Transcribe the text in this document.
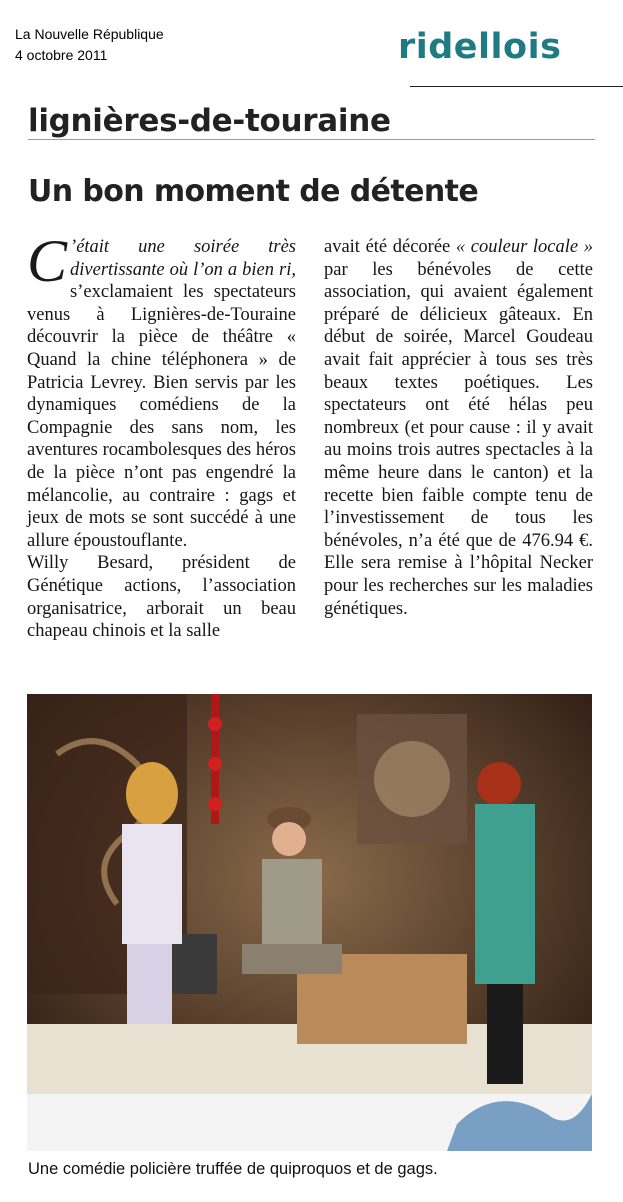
La Nouvelle République
4 octobre 2011	ridellois
lignières-de-touraine
Un bon moment de détente

C ’était une soirée très divertissante où l’on a bien ri, s’exclamaient les spectateurs venus à Lignières-de-Touraine découvrir la pièce de théâtre « Quand la chine téléphonera » de Patricia Levrey. Bien servis par les dynamiques comédiens de la Compagnie des sans nom, les aventures rocambolesques des héros de la pièce n’ont pas engendré la mélancolie, au contraire : gags et jeux de mots se sont succédé à une allure époustouflante.

Willy Besard, président de Génétique actions, l’association organisatrice, arborait un beau chapeau chinois et la salle

avait été décorée « couleur locale » par les bénévoles de cette association, qui avaient également préparé de délicieux gâteaux. En début de soirée, Marcel Goudeau avait fait apprécier à tous ses très beaux textes poétiques. Les spectateurs ont été hélas peu nombreux (et pour cause : il y avait au moins trois autres spectacles à la même heure dans le canton) et la recette bien faible compte tenu de l’investissement de tous les bénévoles, n’a été que de 476.94 €. Elle sera remise à l’hôpital Necker pour les recherches sur les maladies génétiques.

Une comédie policière truffée de quiproquos et de gags.
